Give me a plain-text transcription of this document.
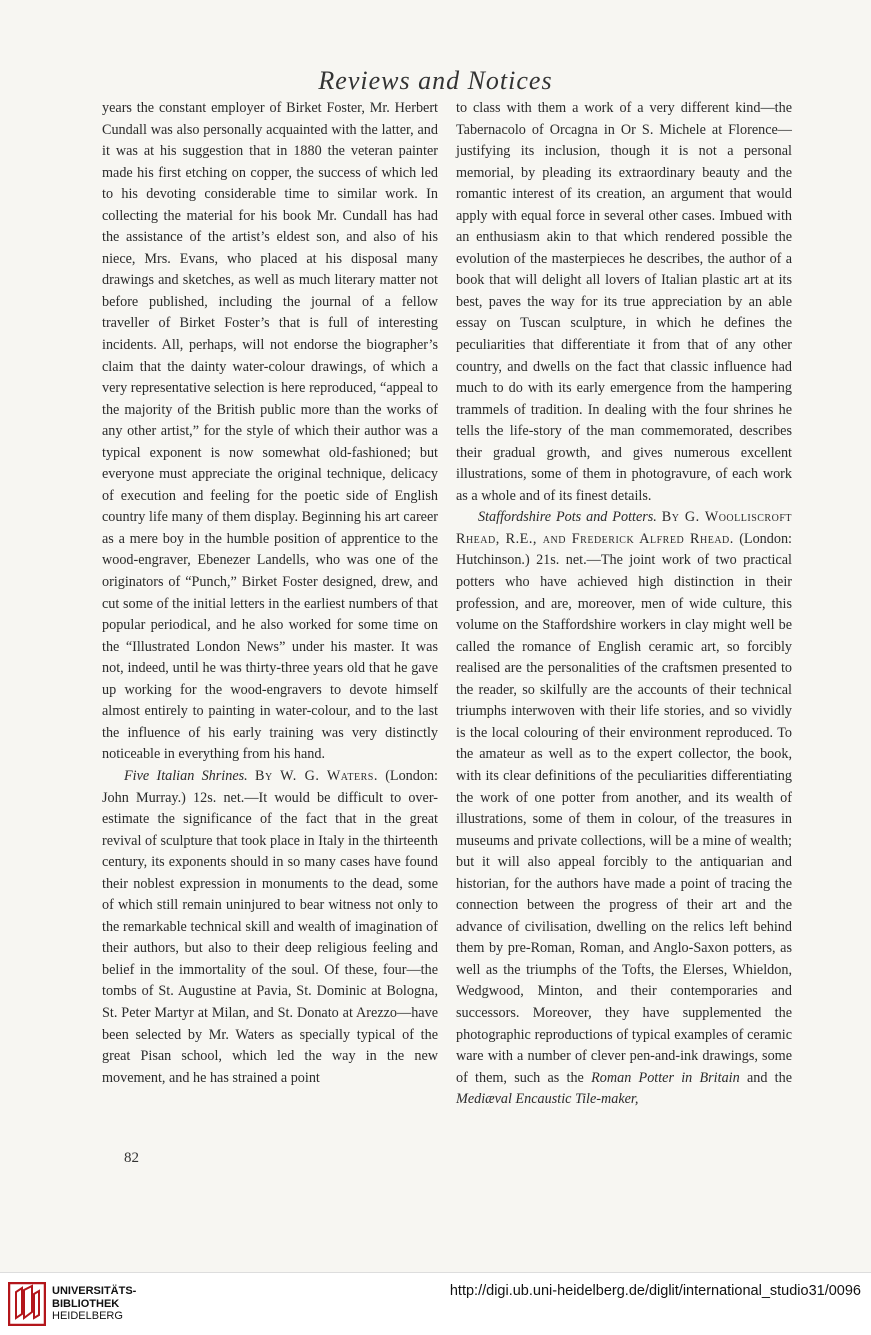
Reviews and Notices

years the constant employer of Birket Foster, Mr. Herbert Cundall was also personally acquainted with the latter, and it was at his suggestion that in 1880 the veteran painter made his first etching on copper, the success of which led to his devoting considerable time to similar work. In collecting the material for his book Mr. Cundall has had the assistance of the artist’s eldest son, and also of his niece, Mrs. Evans, who placed at his disposal many drawings and sketches, as well as much literary matter not before published, including the journal of a fellow traveller of Birket Foster’s that is full of interesting incidents. All, perhaps, will not endorse the biographer’s claim that the dainty water-colour drawings, of which a very representative selection is here reproduced, “appeal to the majority of the British public more than the works of any other artist,” for the style of which their author was a typical exponent is now somewhat old-fashioned; but everyone must appreciate the original technique, delicacy of execution and feeling for the poetic side of English country life many of them display. Beginning his art career as a mere boy in the humble position of apprentice to the wood-engraver, Ebenezer Landells, who was one of the originators of “Punch,” Birket Foster designed, drew, and cut some of the initial letters in the earliest numbers of that popular periodical, and he also worked for some time on the “Illustrated London News” under his master. It was not, indeed, until he was thirty-three years old that he gave up working for the wood-engravers to devote himself almost entirely to painting in water-colour, and to the last the influence of his early training was very distinctly noticeable in everything from his hand.

Five Italian Shrines. By W. G. Waters. (London: John Murray.) 12s. net.—It would be difficult to over-estimate the significance of the fact that in the great revival of sculpture that took place in Italy in the thirteenth century, its exponents should in so many cases have found their noblest expression in monuments to the dead, some of which still remain uninjured to bear witness not only to the remarkable technical skill and wealth of imagination of their authors, but also to their deep religious feeling and belief in the immortality of the soul. Of these, four—the tombs of St. Augustine at Pavia, St. Dominic at Bologna, St. Peter Martyr at Milan, and St. Donato at Arezzo—have been selected by Mr. Waters as specially typical of the great Pisan school, which led the way in the new movement, and he has strained a point

to class with them a work of a very different kind—the Tabernacolo of Orcagna in Or S. Michele at Florence—justifying its inclusion, though it is not a personal memorial, by pleading its extraordinary beauty and the romantic interest of its creation, an argument that would apply with equal force in several other cases. Imbued with an enthusiasm akin to that which rendered possible the evolution of the masterpieces he describes, the author of a book that will delight all lovers of Italian plastic art at its best, paves the way for its true appreciation by an able essay on Tuscan sculpture, in which he defines the peculiarities that differentiate it from that of any other country, and dwells on the fact that classic influence had much to do with its early emergence from the hampering trammels of tradition. In dealing with the four shrines he tells the life-story of the man commemorated, describes their gradual growth, and gives numerous excellent illustrations, some of them in photogravure, of each work as a whole and of its finest details.

Staffordshire Pots and Potters. By G. Woolliscroft Rhead, R.E., and Frederick Alfred Rhead. (London: Hutchinson.) 21s. net.—The joint work of two practical potters who have achieved high distinction in their profession, and are, moreover, men of wide culture, this volume on the Staffordshire workers in clay might well be called the romance of English ceramic art, so forcibly realised are the personalities of the craftsmen presented to the reader, so skilfully are the accounts of their technical triumphs interwoven with their life stories, and so vividly is the local colouring of their environment reproduced. To the amateur as well as to the expert collector, the book, with its clear definitions of the peculiarities differentiating the work of one potter from another, and its wealth of illustrations, some of them in colour, of the treasures in museums and private collections, will be a mine of wealth; but it will also appeal forcibly to the antiquarian and historian, for the authors have made a point of tracing the connection between the progress of their art and the advance of civilisation, dwelling on the relics left behind them by pre-Roman, Roman, and Anglo-Saxon potters, as well as the triumphs of the Tofts, the Elerses, Whieldon, Wedgwood, Minton, and their contemporaries and successors. Moreover, they have supplemented the photographic reproductions of typical examples of ceramic ware with a number of clever pen-and-ink drawings, some of them, such as the Roman Potter in Britain and the Mediæval Encaustic Tile-maker,

82
UNIVERSITÄTS-
BIBLIOTHEK
HEIDELBERG
http://digi.ub.uni-heidelberg.de/diglit/international_studio31/0096
